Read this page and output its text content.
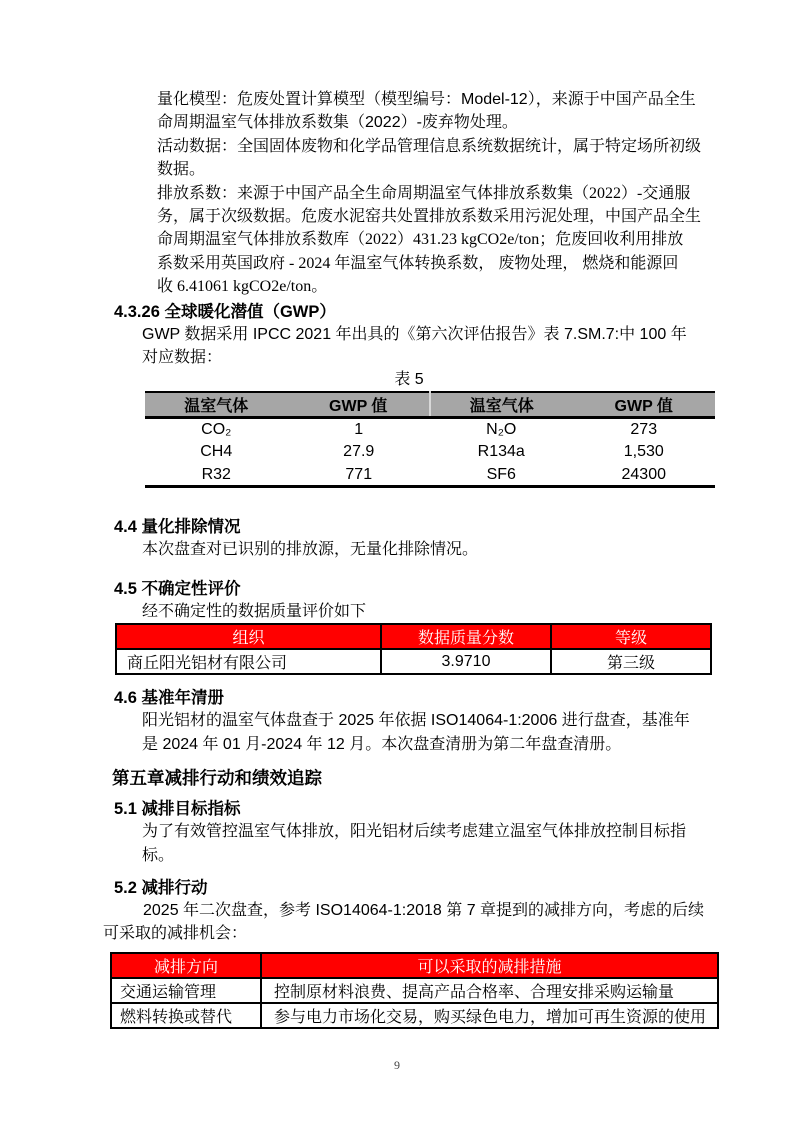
量化模型：危废处置计算模型（模型编号：Model-12），来源于中国产品全生
命周期温室气体排放系数集（2022）-废弃物处理。
活动数据：全国固体废物和化学品管理信息系统数据统计，属于特定场所初级
数据。
排放系数：来源于中国产品全生命周期温室气体排放系数集（2022）-交通服
务，属于次级数据。危废水泥窑共处置排放系数采用污泥处理，中国产品全生
命周期温室气体排放系数库（2022）431.23 kgCO2e/ton；危废回收利用排放
系数采用英国政府 - 2024 年温室气体转换系数， 废物处理， 燃烧和能源回
收 6.41061 kgCO2e/ton。
4.3.26 全球暖化潜值（GWP）
GWP 数据采用 IPCC 2021 年出具的《第六次评估报告》表 7.SM.7:中 100 年
对应数据：
表 5
温室气体	GWP 值	温室气体	GWP 值
CO₂	1	N₂O	273
CH4	27.9	R134a	1,530
R32	771	SF6	24300
4.4 量化排除情况
本次盘查对已识别的排放源，无量化排除情况。
4.5 不确定性评价
经不确定性的数据质量评价如下
组织	数据质量分数	等级
商丘阳光铝材有限公司	3.9710	第三级
4.6 基准年清册
阳光铝材的温室气体盘查于 2025 年依据 ISO14064-1:2006 进行盘查，基准年
是 2024 年 01 月-2024 年 12 月。本次盘查清册为第二年盘查清册。
第五章减排行动和绩效追踪
5.1 减排目标指标
为了有效管控温室气体排放，阳光铝材后续考虑建立温室气体排放控制目标指
标。
5.2 减排行动
2025 年二次盘查，参考 ISO14064-1:2018 第 7 章提到的减排方向，考虑的后续
可采取的减排机会：
减排方向	可以采取的减排措施
交通运输管理	控制原材料浪费、提高产品合格率、合理安排采购运输量
燃料转换或替代	参与电力市场化交易，购买绿色电力，增加可再生资源的使用
9
